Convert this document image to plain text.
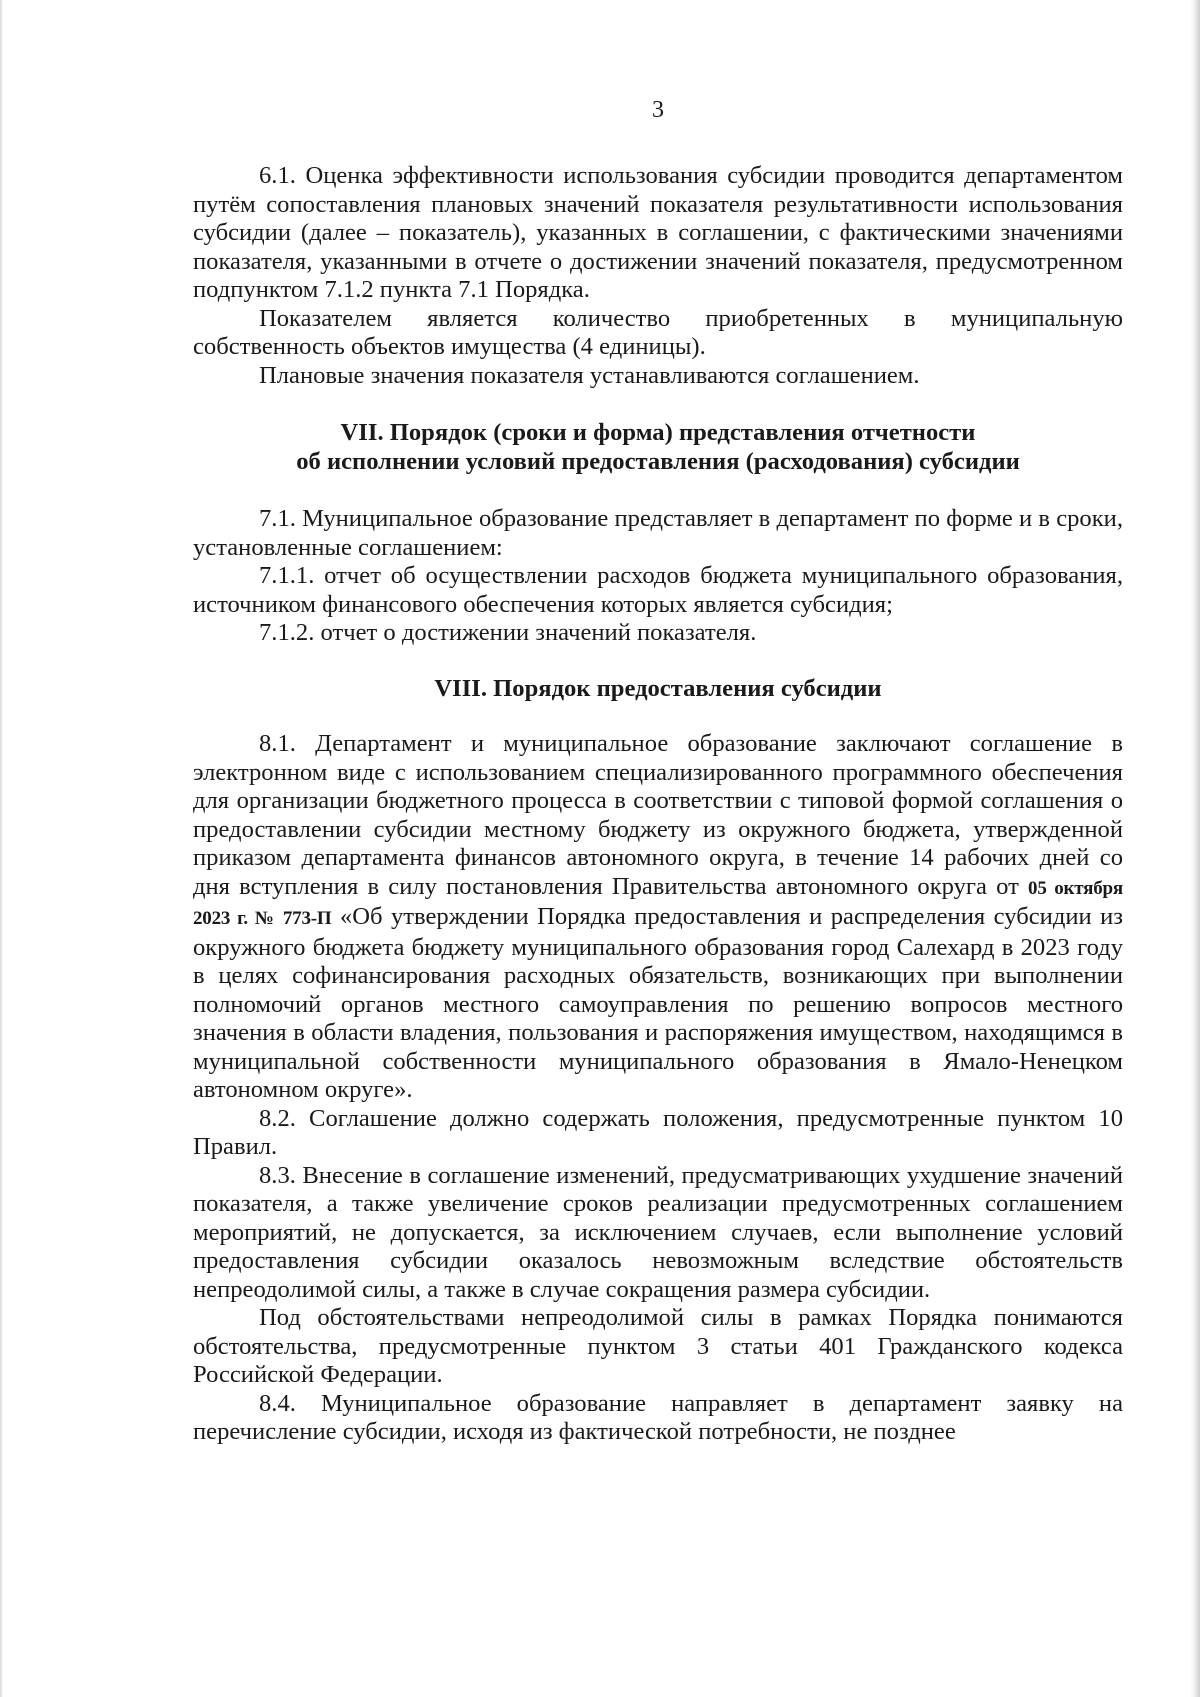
3

6.1. Оценка эффективности использования субсидии проводится департаментом путём сопоставления плановых значений показателя результативности использования субсидии (далее – показатель), указанных в соглашении, с фактическими значениями показателя, указанными в отчете о достижении значений показателя, предусмотренном подпунктом 7.1.2 пункта 7.1 Порядка.

Показателем является количество приобретенных в муниципальную собственность объектов имущества (4 единицы).

Плановые значения показателя устанавливаются соглашением.

VII. Порядок (сроки и форма) представления отчетности
об исполнении условий предоставления (расходования) субсидии

7.1. Муниципальное образование представляет в департамент по форме и в сроки, установленные соглашением:

7.1.1. отчет об осуществлении расходов бюджета муниципального образования, источником финансового обеспечения которых является субсидия;

7.1.2. отчет о достижении значений показателя.

VIII. Порядок предоставления субсидии

8.1. Департамент и муниципальное образование заключают соглашение в электронном виде с использованием специализированного программного обеспечения для организации бюджетного процесса в соответствии с типовой формой соглашения о предоставлении субсидии местному бюджету из окружного бюджета, утвержденной приказом департамента финансов автономного округа, в течение 14 рабочих дней со дня вступления в силу постановления Правительства автономного округа от 05 октября 2023 г. № 773-П «Об утверждении Порядка предоставления и распределения субсидии из окружного бюджета бюджету муниципального образования город Салехард в 2023 году в целях софинансирования расходных обязательств, возникающих при выполнении полномочий органов местного самоуправления по решению вопросов местного значения в области владения, пользования и распоряжения имуществом, находящимся в муниципальной собственности муниципального образования в Ямало-Ненецком автономном округе».

8.2. Соглашение должно содержать положения, предусмотренные пунктом 10 Правил.

8.3. Внесение в соглашение изменений, предусматривающих ухудшение значений показателя, а также увеличение сроков реализации предусмотренных соглашением мероприятий, не допускается, за исключением случаев, если выполнение условий предоставления субсидии оказалось невозможным вследствие обстоятельств непреодолимой силы, а также в случае сокращения размера субсидии.

Под обстоятельствами непреодолимой силы в рамках Порядка понимаются обстоятельства, предусмотренные пунктом 3 статьи 401 Гражданского кодекса Российской Федерации.

8.4. Муниципальное образование направляет в департамент заявку на перечисление субсидии, исходя из фактической потребности, не позднее
